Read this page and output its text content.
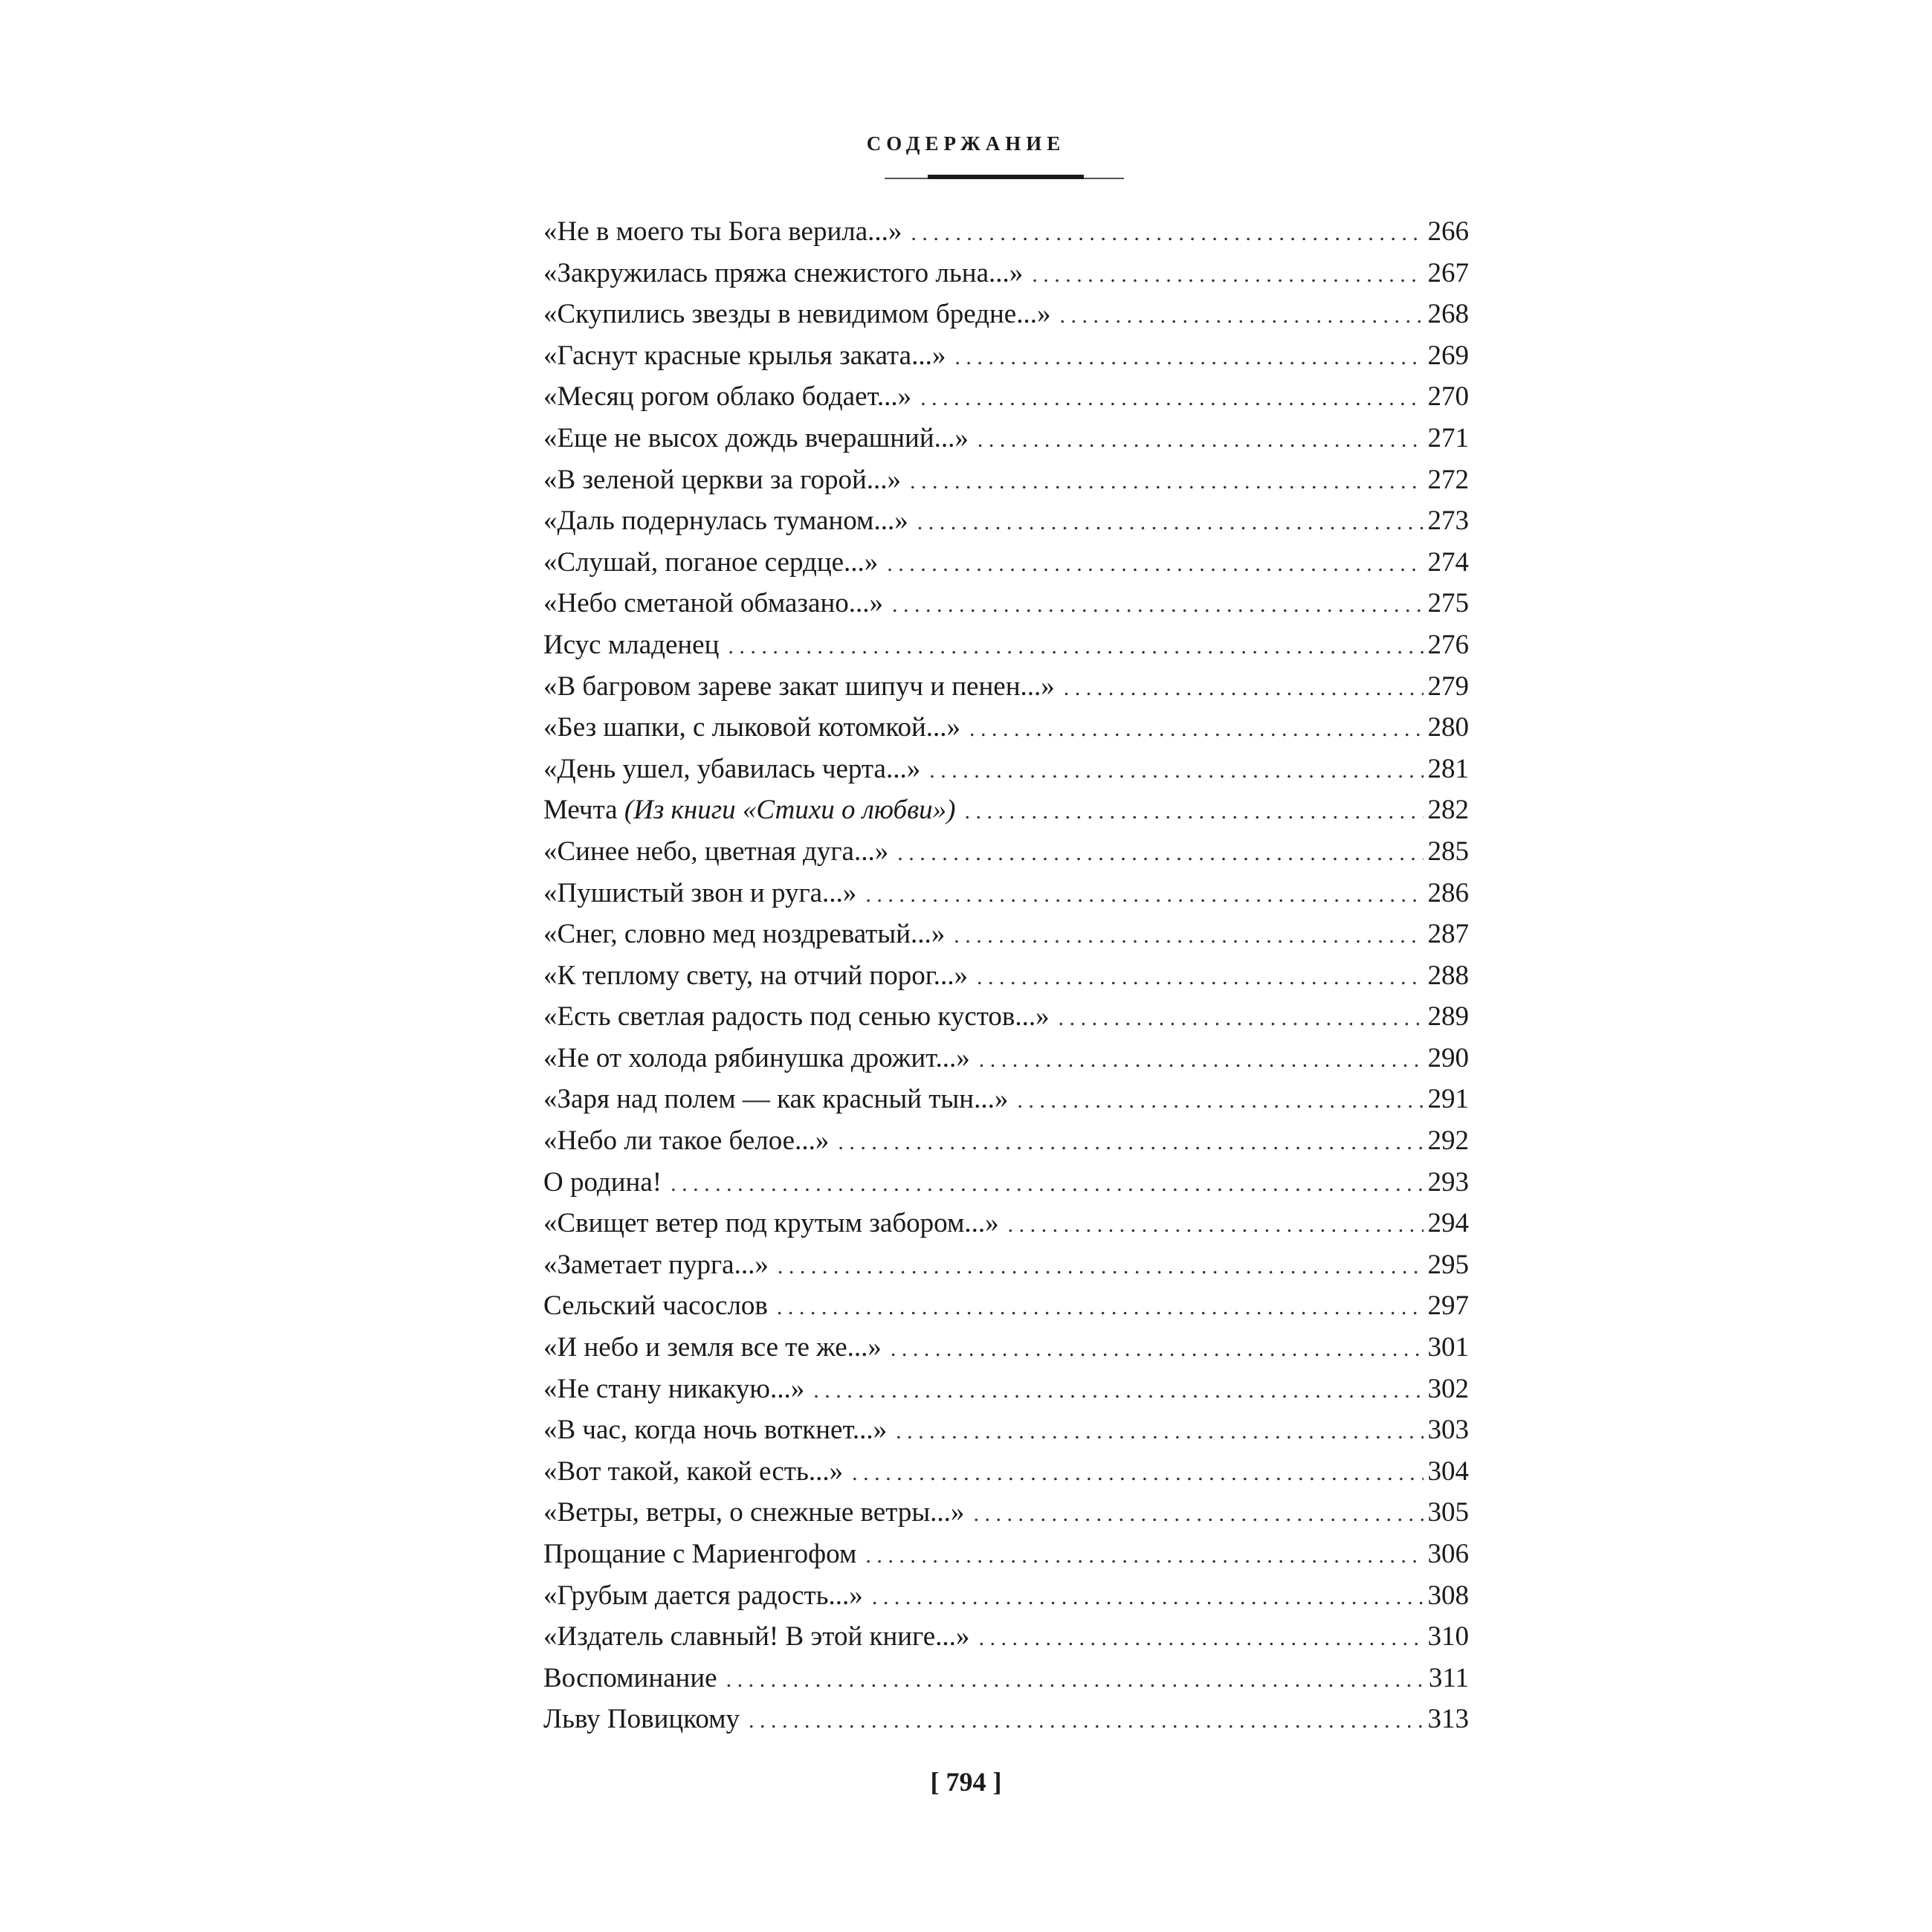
СОДЕРЖАНИЕ
«Не в моего ты Бога верила...» . . .	266
«Закружилась пряжа снежистого льна...» . . .	267
«Скупились звезды в невидимом бредне...» . . .	268
«Гаснут красные крылья заката...» . . .	269
«Месяц рогом облако бодает...» . . .	270
«Еще не высох дождь вчерашний...» . . .	271
«В зеленой церкви за горой...» . . .	272
«Даль подернулась туманом...» . . .	273
«Слушай, поганое сердце...» . . .	274
«Небо сметаной обмазано...» . . .	275
Исус младенец . . .	276
«В багровом зареве закат шипуч и пенен...» . . .	279
«Без шапки, с лыковой котомкой...» . . .	280
«День ушел, убавилась черта...» . . .	281
Мечта (Из книги «Стихи о любви») . . .	282
«Синее небо, цветная дуга...» . . .	285
«Пушистый звон и руга...» . . .	286
«Снег, словно мед ноздреватый...» . . .	287
«К теплому свету, на отчий порог...» . . .	288
«Есть светлая радость под сенью кустов...» . . .	289
«Не от холода рябинушка дрожит...» . . .	290
«Заря над полем — как красный тын...» . . .	291
«Небо ли такое белое...» . . .	292
О родина! . . .	293
«Свищет ветер под крутым забором...» . . .	294
«Заметает пурга...» . . .	295
Сельский часослов . . .	297
«И небо и земля все те же...» . . .	301
«Не стану никакую...» . . .	302
«В час, когда ночь воткнет...» . . .	303
«Вот такой, какой есть...» . . .	304
«Ветры, ветры, о снежные ветры...» . . .	305
Прощание с Мариенгофом . . .	306
«Грубым дается радость...» . . .	308
«Издатель славный! В этой книге...» . . .	310
Воспоминание . . .	311
Льву Повицкому . . .	313
[ 794 ]
